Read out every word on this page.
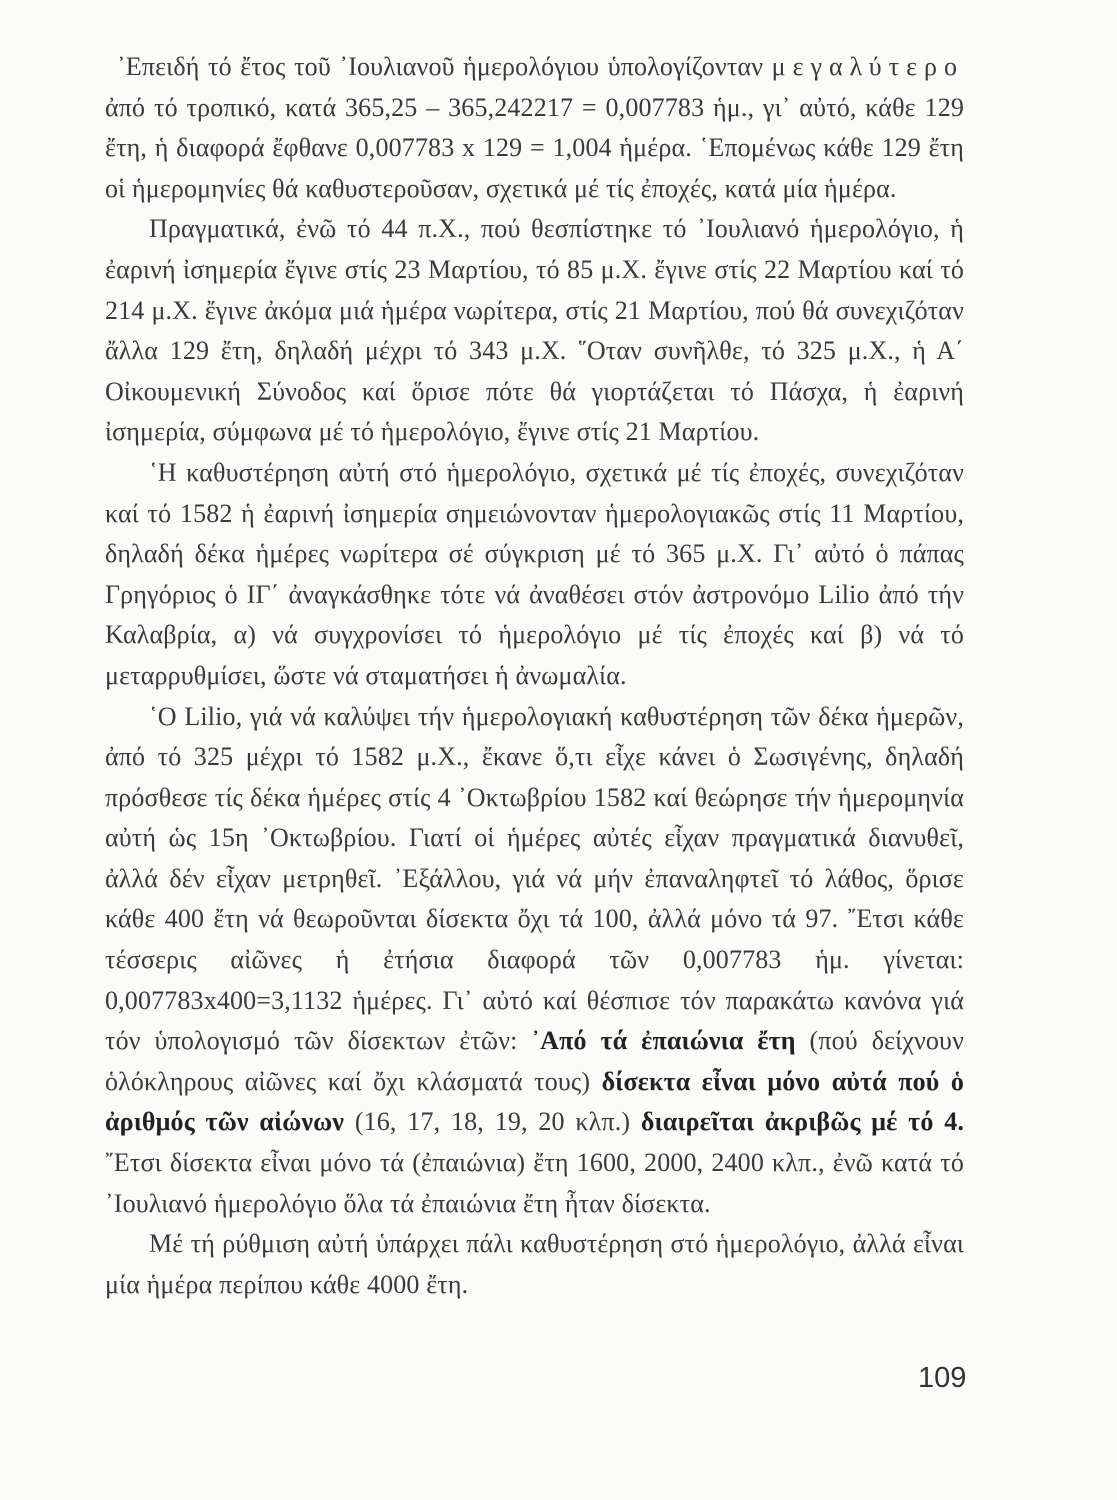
᾿Επειδή τό ἔτος τοῦ ᾿Ιουλιανοῦ ἡμερολόγιου ὑπολογίζονταν μεγαλύτερο ἀπό τό τροπικό, κατά 365,25 – 365,242217 = 0,007783 ἡμ., γι᾿ αὐτό, κάθε 129 ἔτη, ἡ διαφορά ἔφθανε 0,007783 x 129 = 1,004 ἡμέρα. ῾Επομένως κάθε 129 ἔτη οἱ ἡμερομηνίες θά καθυστεροῦσαν, σχετικά μέ τίς ἐποχές, κατά μία ἡμέρα.

Πραγματικά, ἐνῶ τό 44 π.Χ., πού θεσπίστηκε τό ᾿Ιουλιανό ἡμερολόγιο, ἡ ἐαρινή ἰσημερία ἔγινε στίς 23 Μαρτίου, τό 85 μ.Χ. ἔγινε στίς 22 Μαρτίου καί τό 214 μ.Χ. ἔγινε ἀκόμα μιά ἡμέρα νωρίτερα, στίς 21 Μαρτίου, πού θά συνεχιζόταν ἄλλα 129 ἔτη, δηλαδή μέχρι τό 343 μ.Χ. ῞Οταν συνῆλθε, τό 325 μ.Χ., ἡ Α΄ Οἰκουμενική Σύνοδος καί ὅρισε πότε θά γιορτάζεται τό Πάσχα, ἡ ἐαρινή ἰσημερία, σύμφωνα μέ τό ἡμερολόγιο, ἔγινε στίς 21 Μαρτίου.

῾Η καθυστέρηση αὐτή στό ἡμερολόγιο, σχετικά μέ τίς ἐποχές, συνεχιζόταν καί τό 1582 ἡ ἐαρινή ἰσημερία σημειώνονταν ἡμερολογιακῶς στίς 11 Μαρτίου, δηλαδή δέκα ἡμέρες νωρίτερα σέ σύγκριση μέ τό 365 μ.Χ. Γι᾿ αὐτό ὁ πάπας Γρηγόριος ὁ ΙΓ΄ ἀναγκάσθηκε τότε νά ἀναθέσει στόν ἀστρονόμο Lilio ἀπό τήν Καλαβρία, α) νά συγχρονίσει τό ἡμερολόγιο μέ τίς ἐποχές καί β) νά τό μεταρρυθμίσει, ὥστε νά σταματήσει ἡ ἀνωμαλία.

῾Ο Lilio, γιά νά καλύψει τήν ἡμερολογιακή καθυστέρηση τῶν δέκα ἡμερῶν, ἀπό τό 325 μέχρι τό 1582 μ.Χ., ἔκανε ὅ,τι εἶχε κάνει ὁ Σωσιγένης, δηλαδή πρόσθεσε τίς δέκα ἡμέρες στίς 4 ᾿Οκτωβρίου 1582 καί θεώρησε τήν ἡμερομηνία αὐτή ὡς 15η ᾿Οκτωβρίου. Γιατί οἱ ἡμέρες αὐτές εἶχαν πραγματικά διανυθεῖ, ἀλλά δέν εἶχαν μετρηθεῖ. ᾿Εξάλλου, γιά νά μήν ἐπαναληφτεῖ τό λάθος, ὅρισε κάθε 400 ἔτη νά θεωροῦνται δίσεκτα ὄχι τά 100, ἀλλά μόνο τά 97. ῎Ετσι κάθε τέσσερις αἰῶνες ἡ ἐτήσια διαφορά τῶν 0,007783 ἡμ. γίνεται: 0,007783x400=3,1132 ἡμέρες. Γι᾿ αὐτό καί θέσπισε τόν παρακάτω κανόνα γιά τόν ὑπολογισμό τῶν δίσεκτων ἐτῶν: ᾿Από τά ἐπαιώνια ἔτη (πού δείχνουν ὁλόκληρους αἰῶνες καί ὄχι κλάσματά τους) δίσεκτα εἶναι μόνο αὐτά πού ὁ ἀριθμός τῶν αἰώνων (16, 17, 18, 19, 20 κλπ.) διαιρεῖται ἀκριβῶς μέ τό 4. ῎Ετσι δίσεκτα εἶναι μόνο τά (ἐπαιώνια) ἔτη 1600, 2000, 2400 κλπ., ἐνῶ κατά τό ᾿Ιουλιανό ἡμερολόγιο ὅλα τά ἐπαιώνια ἔτη ἦταν δίσεκτα.

Μέ τή ρύθμιση αὐτή ὑπάρχει πάλι καθυστέρηση στό ἡμερολόγιο, ἀλλά εἶναι μία ἡμέρα περίπου κάθε 4000 ἔτη.

109
